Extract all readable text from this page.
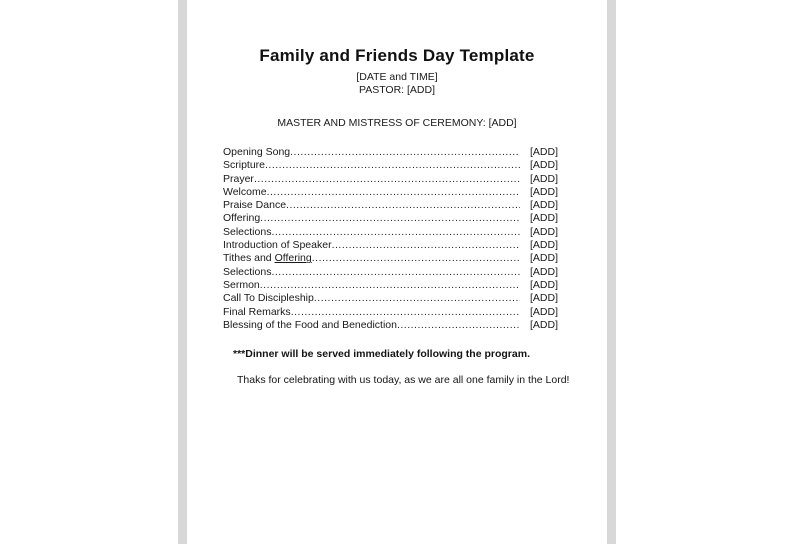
Family and Friends Day Template
[DATE and TIME]
PASTOR: [ADD]
MASTER AND MISTRESS OF CEREMONY: [ADD]
Opening Song .....	[ADD]
Scripture .....	[ADD]
Prayer .....	[ADD]
Welcome .....	[ADD]
Praise Dance .....	[ADD]
Offering .....	[ADD]
Selections .....	[ADD]
Introduction of Speaker .....	[ADD]
Tithes and Offering .....	[ADD]
Selections .....	[ADD]
Sermon .....	[ADD]
Call To Discipleship .....	[ADD]
Final Remarks .....	[ADD]
Blessing of the Food and Benediction .....	[ADD]
***Dinner will be served immediately following the program.
Thaks for celebrating with us today, as we are all one family in the Lord!
